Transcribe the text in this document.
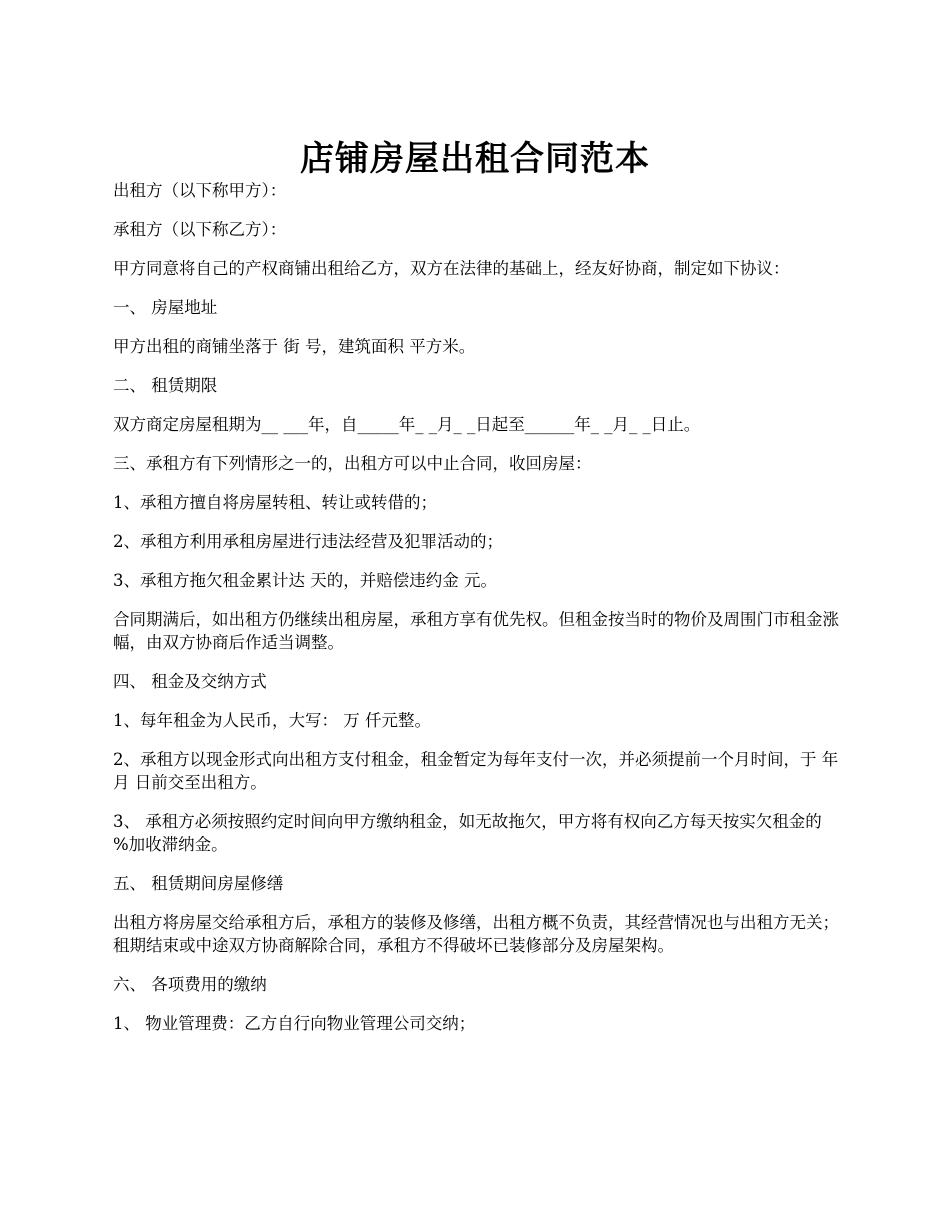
店铺房屋出租合同范本

出租方（以下称甲方）：

承租方（以下称乙方）：

甲方同意将自己的产权商铺出租给乙方，双方在法律的基础上，经友好协商，制定如下协议：

一、 房屋地址

甲方出租的商铺坐落于 街 号，建筑面积 平方米。

二、 租赁期限

双方商定房屋租期为__ ___年，自_____年_ _月_ _日起至______年_ _月_ _日止。

三、承租方有下列情形之一的，出租方可以中止合同，收回房屋：

1、承租方擅自将房屋转租、转让或转借的；

2、承租方利用承租房屋进行违法经营及犯罪活动的；

3、承租方拖欠租金累计达 天的，并赔偿违约金 元。

合同期满后，如出租方仍继续出租房屋，承租方享有优先权。但租金按当时的物价及周围门市租金涨幅，由双方协商后作适当调整。

四、 租金及交纳方式

1、每年租金为人民币，大写： 万 仟元整。

2、承租方以现金形式向出租方支付租金，租金暂定为每年支付一次，并必须提前一个月时间，于 年 月 日前交至出租方。

3、 承租方必须按照约定时间向甲方缴纳租金，如无故拖欠，甲方将有权向乙方每天按实欠租金的 %加收滞纳金。

五、 租赁期间房屋修缮

出租方将房屋交给承租方后，承租方的装修及修缮，出租方概不负责，其经营情况也与出租方无关；租期结束或中途双方协商解除合同，承租方不得破坏已装修部分及房屋架构。

六、 各项费用的缴纳

1、 物业管理费：乙方自行向物业管理公司交纳；
